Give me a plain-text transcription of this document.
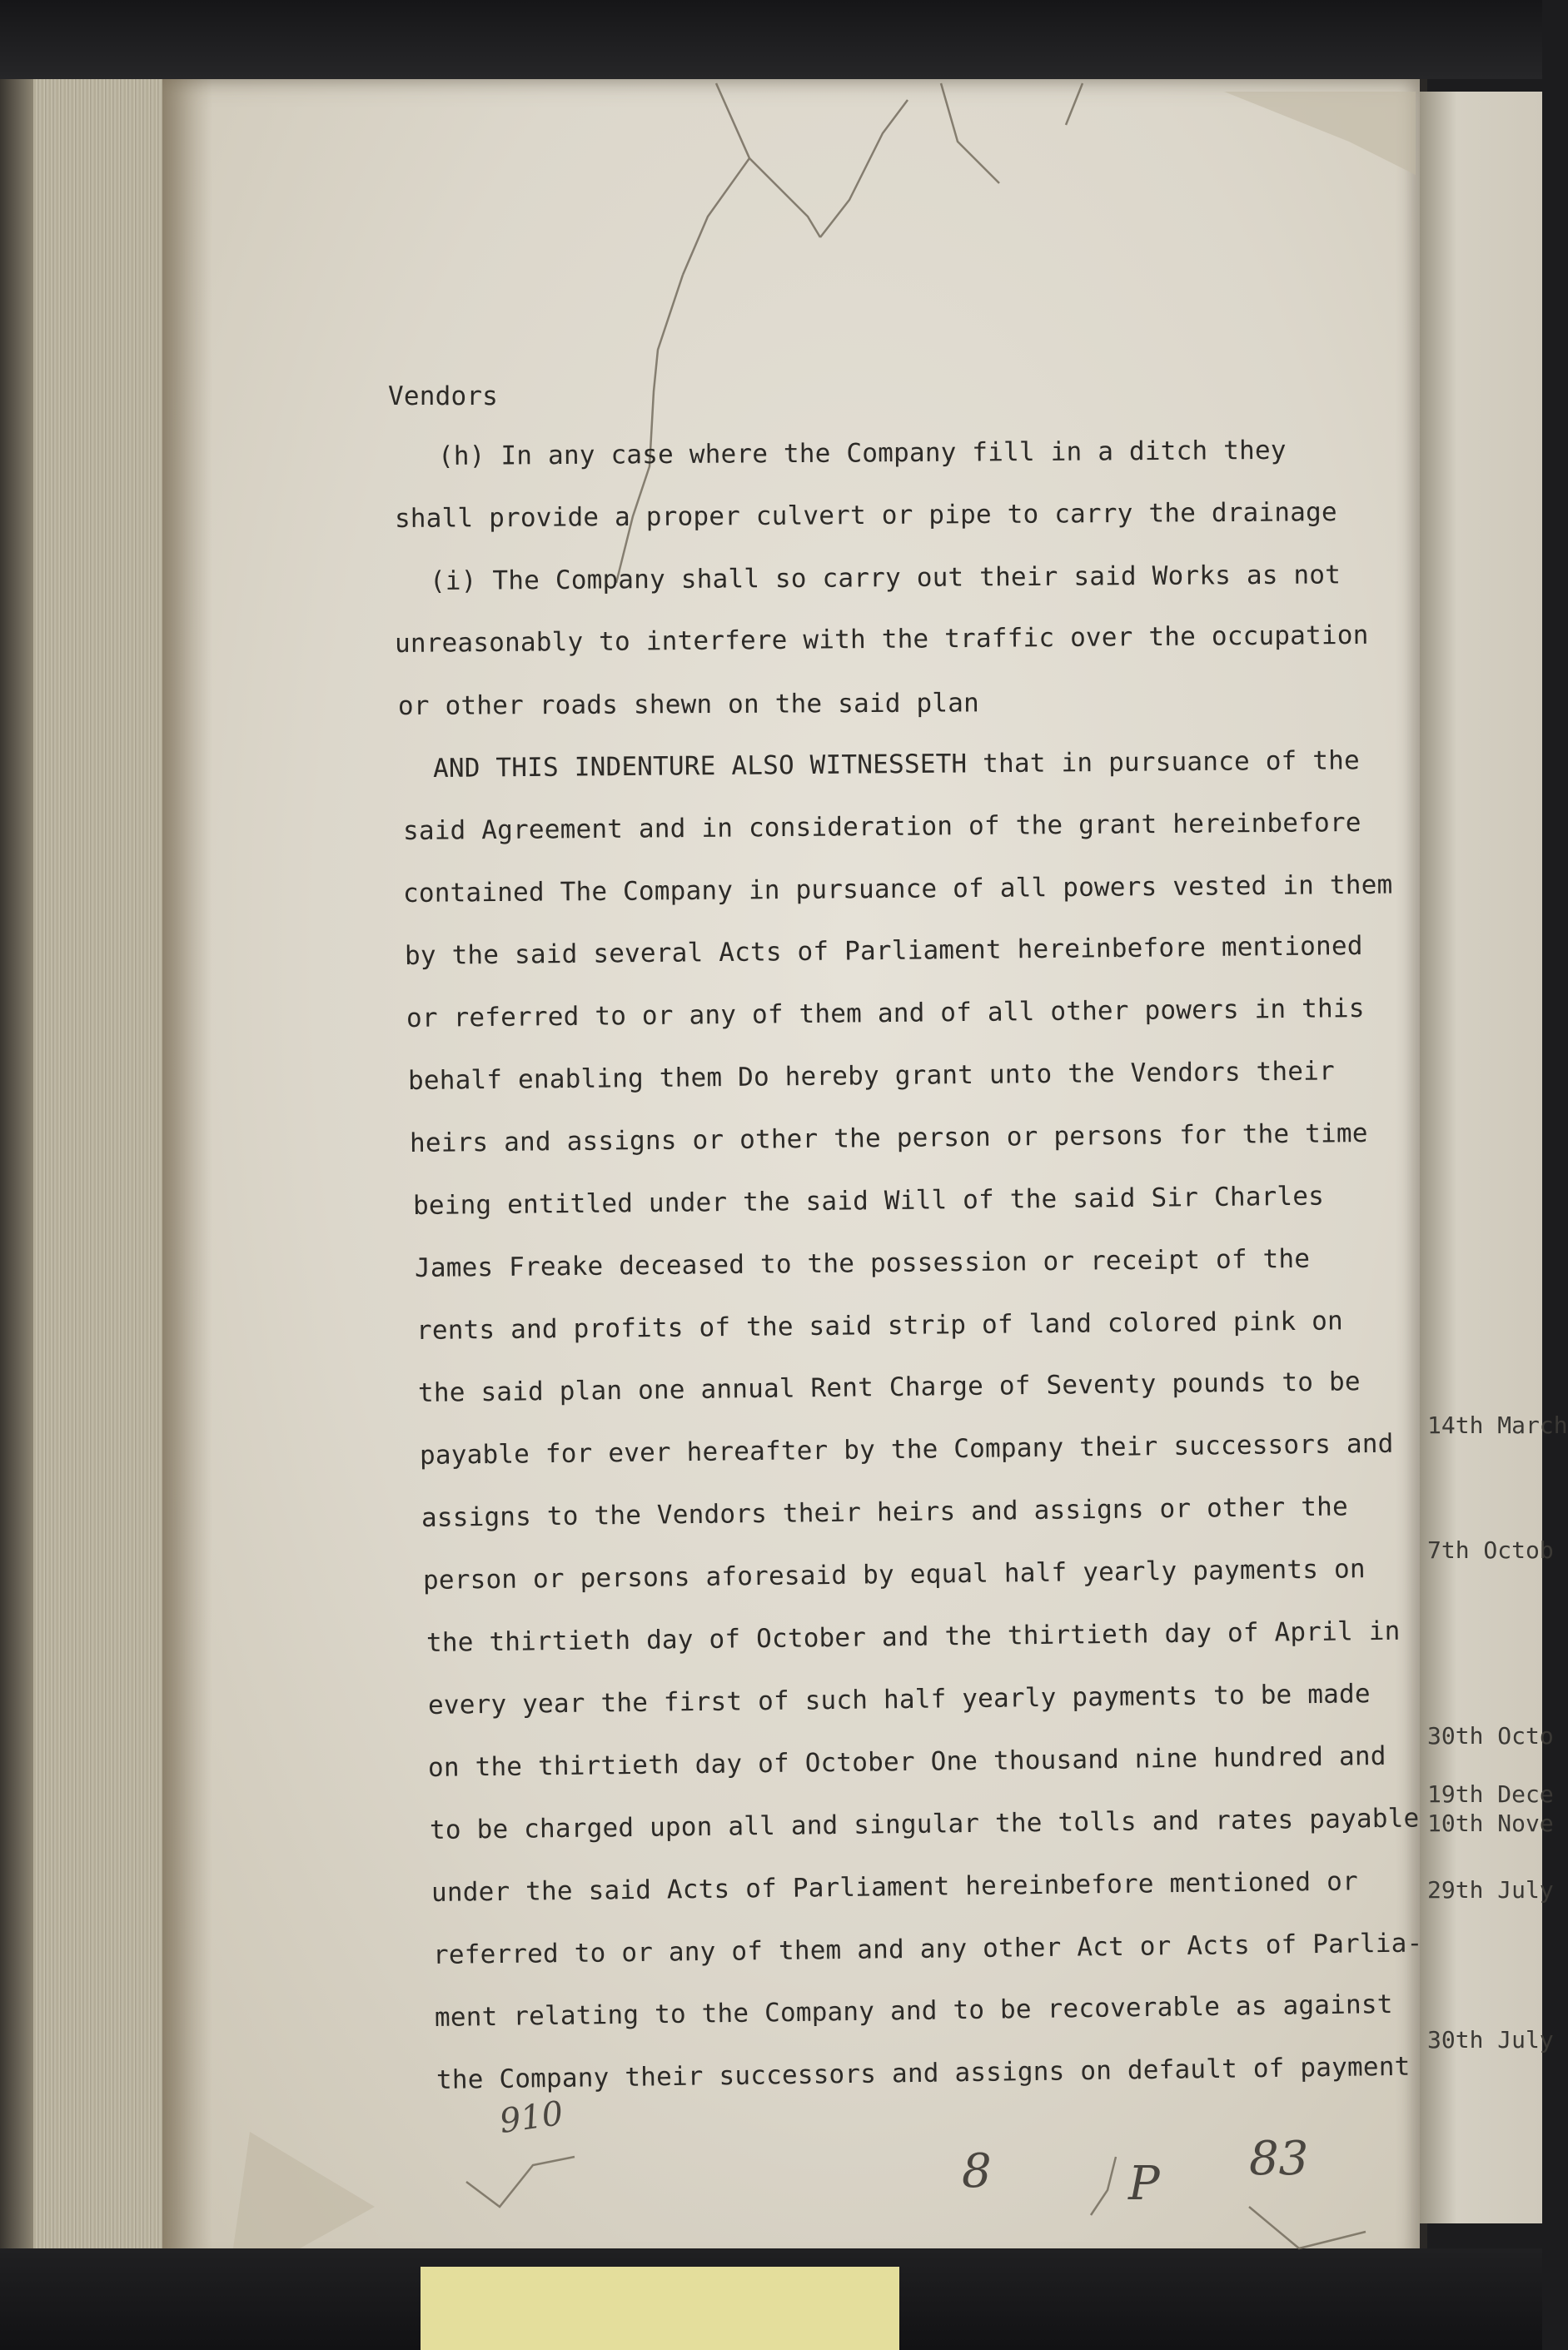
Vendors
(h) In any case where the Company fill in a ditch they
shall provide a proper culvert or pipe to carry the drainage
(i) The Company shall so carry out their said Works as not
unreasonably to interfere with the traffic over the occupation
or other roads shewn on the said plan
AND THIS INDENTURE ALSO WITNESSETH that in pursuance of the
said Agreement and in consideration of the grant hereinbefore
contained The Company in pursuance of all powers vested in them
by the said several Acts of Parliament hereinbefore mentioned
or referred to or any of them and of all other powers in this
behalf enabling them Do hereby grant unto the Vendors their
heirs and assigns or other the person or persons for the time
being entitled under the said Will of the said Sir Charles
James Freake deceased to the possession or receipt of the
rents and profits of the said strip of land colored pink on
the said plan one annual Rent Charge of Seventy pounds to be
payable for ever hereafter by the Company their successors and
assigns to the Vendors their heirs and assigns or other the
person or persons aforesaid by equal half yearly payments on
the thirtieth day of October and the thirtieth day of April in
every year the first of such half yearly payments to be made
on the thirtieth day of October One thousand nine hundred and
to be charged upon all and singular the tolls and rates payable
under the said Acts of Parliament hereinbefore mentioned or
referred to or any of them and any other Act or Acts of Parlia-
ment relating to the Company and to be recoverable as against
the Company their successors and assigns on default of payment
14th March
7th Octob
30th Octo
19th Dece
10th Nove
29th July
30th July
910
8	P 83
